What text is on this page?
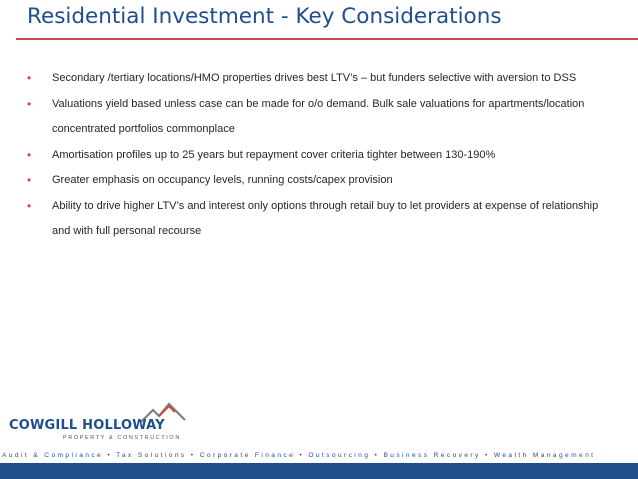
Residential Investment - Key Considerations
• Secondary /tertiary locations/HMO properties drives best LTV’s – but funders selective with aversion to DSS
• Valuations yield based unless case can be made for o/o demand. Bulk sale valuations for apartments/location concentrated portfolios commonplace
• Amortisation profiles up to 25 years but repayment cover criteria tighter between 130-190%
• Greater emphasis on occupancy levels, running costs/capex provision
• Ability to drive higher LTV’s and interest only options through retail buy to let providers at expense of relationship and with full personal recourse
COWGILL HOLLOWAY
PROPERTY & CONSTRUCTION
Audit & Compliance • Tax Solutions • Corporate Finance • Outsourcing • Business Recovery • Wealth Management
